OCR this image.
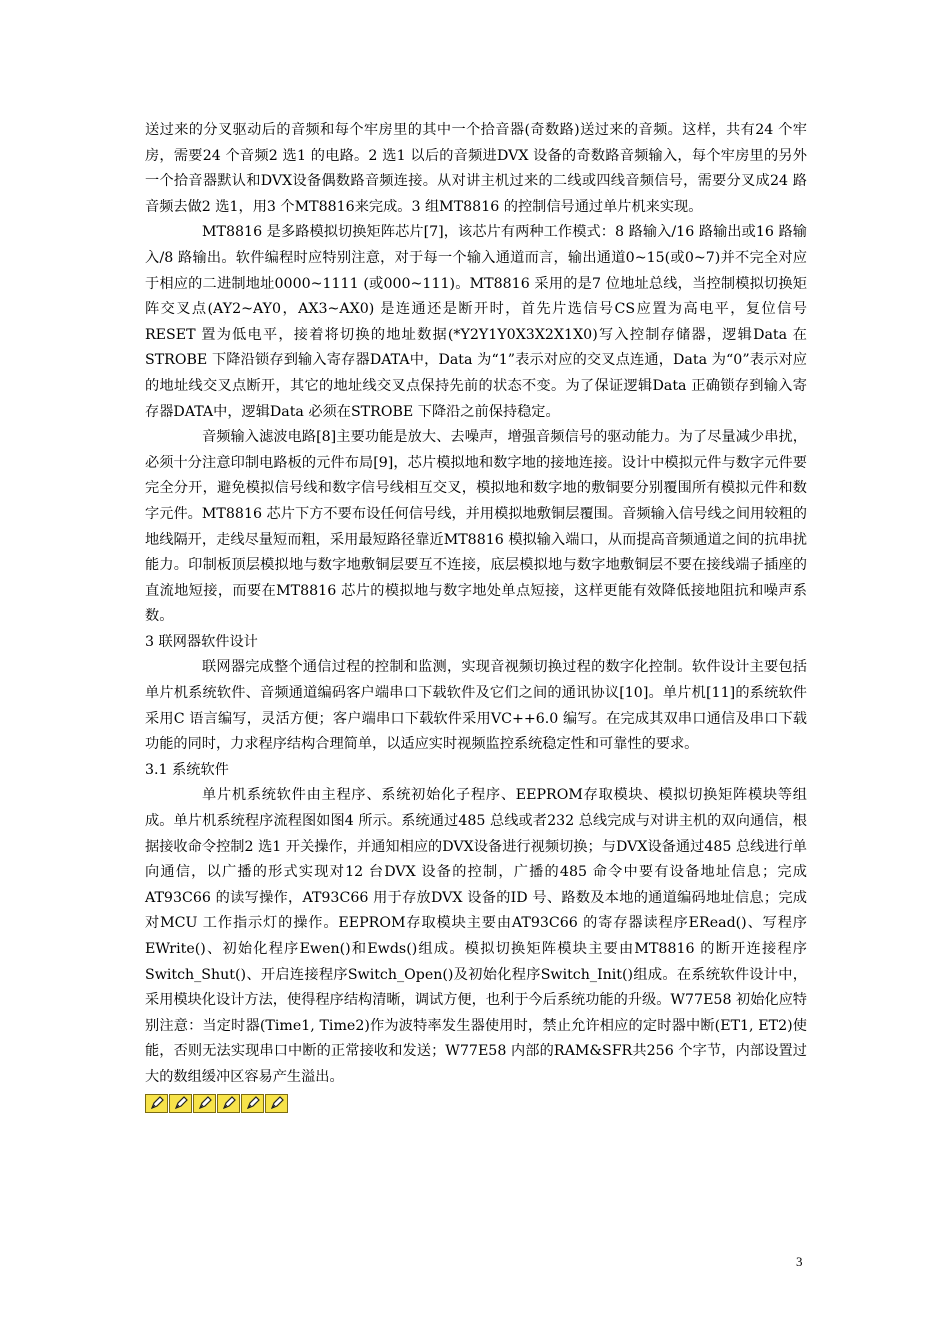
送过来的分叉驱动后的音频和每个牢房里的其中一个拾音器(奇数路)送过来的音频。这样，共有24 个牢房，需要24 个音频2 选1 的电路。2 选1 以后的音频进DVX 设备的奇数路音频输入，每个牢房里的另外一个拾音器默认和DVX设备偶数路音频连接。从对讲主机过来的二线或四线音频信号，需要分叉成24 路音频去做2 选1，用3 个MT8816来完成。3 组MT8816 的控制信号通过单片机来实现。

MT8816 是多路模拟切换矩阵芯片[7]，该芯片有两种工作模式：8 路输入/16 路输出或16 路输入/8 路输出。软件编程时应特别注意，对于每一个输入通道而言，输出通道0~15(或0~7)并不完全对应于相应的二进制地址0000~1111 (或000~111)。MT8816 采用的是7 位地址总线，当控制模拟切换矩阵交叉点(AY2~AY0，AX3~AX0) 是连通还是断开时，首先片选信号CS应置为高电平，复位信号RESET 置为低电平，接着将切换的地址数据(*Y2Y1Y0X3X2X1X0)写入控制存储器，逻辑Data 在STROBE 下降沿锁存到输入寄存器DATA中，Data 为“1”表示对应的交叉点连通，Data 为“0”表示对应的地址线交叉点断开，其它的地址线交叉点保持先前的状态不变。为了保证逻辑Data 正确锁存到输入寄存器DATA中，逻辑Data 必须在STROBE 下降沿之前保持稳定。

音频输入滤波电路[8]主要功能是放大、去噪声，增强音频信号的驱动能力。为了尽量减少串扰，必须十分注意印制电路板的元件布局[9]，芯片模拟地和数字地的接地连接。设计中模拟元件与数字元件要完全分开，避免模拟信号线和数字信号线相互交叉，模拟地和数字地的敷铜要分别覆围所有模拟元件和数字元件。MT8816 芯片下方不要布设任何信号线，并用模拟地敷铜层覆围。音频输入信号线之间用较粗的地线隔开，走线尽量短而粗，采用最短路径靠近MT8816 模拟输入端口，从而提高音频通道之间的抗串扰能力。印制板顶层模拟地与数字地敷铜层要互不连接，底层模拟地与数字地敷铜层不要在接线端子插座的直流地短接，而要在MT8816 芯片的模拟地与数字地处单点短接，这样更能有效降低接地阻抗和噪声系数。

3 联网器软件设计

联网器完成整个通信过程的控制和监测，实现音视频切换过程的数字化控制。软件设计主要包括单片机系统软件、音频通道编码客户端串口下载软件及它们之间的通讯协议[10]。单片机[11]的系统软件采用C 语言编写，灵活方便；客户端串口下载软件采用VC++6.0 编写。在完成其双串口通信及串口下载功能的同时，力求程序结构合理简单，以适应实时视频监控系统稳定性和可靠性的要求。

3.1 系统软件

单片机系统软件由主程序、系统初始化子程序、EEPROM存取模块、模拟切换矩阵模块等组成。单片机系统程序流程图如图4 所示。系统通过485 总线或者232 总线完成与对讲主机的双向通信，根据接收命令控制2 选1 开关操作，并通知相应的DVX设备进行视频切换；与DVX设备通过485 总线进行单向通信，以广播的形式实现对12 台DVX 设备的控制，广播的485 命令中要有设备地址信息；完成AT93C66 的读写操作，AT93C66 用于存放DVX 设备的ID 号、路数及本地的通道编码地址信息；完成对MCU 工作指示灯的操作。EEPROM存取模块主要由AT93C66 的寄存器读程序ERead()、写程序EWrite()、初始化程序Ewen()和Ewds()组成。模拟切换矩阵模块主要由MT8816 的断开连接程序Switch_Shut()、开启连接程序Switch_Open()及初始化程序Switch_Init()组成。在系统软件设计中，采用模块化设计方法，使得程序结构清晰，调试方便，也利于今后系统功能的升级。W77E58 初始化应特别注意：当定时器(Time1, Time2)作为波特率发生器使用时，禁止允许相应的定时器中断(ET1, ET2)使能，否则无法实现串口中断的正常接收和发送；W77E58 内部的RAM&SFR共256 个字节，内部设置过大的数组缓冲区容易产生溢出。

3
